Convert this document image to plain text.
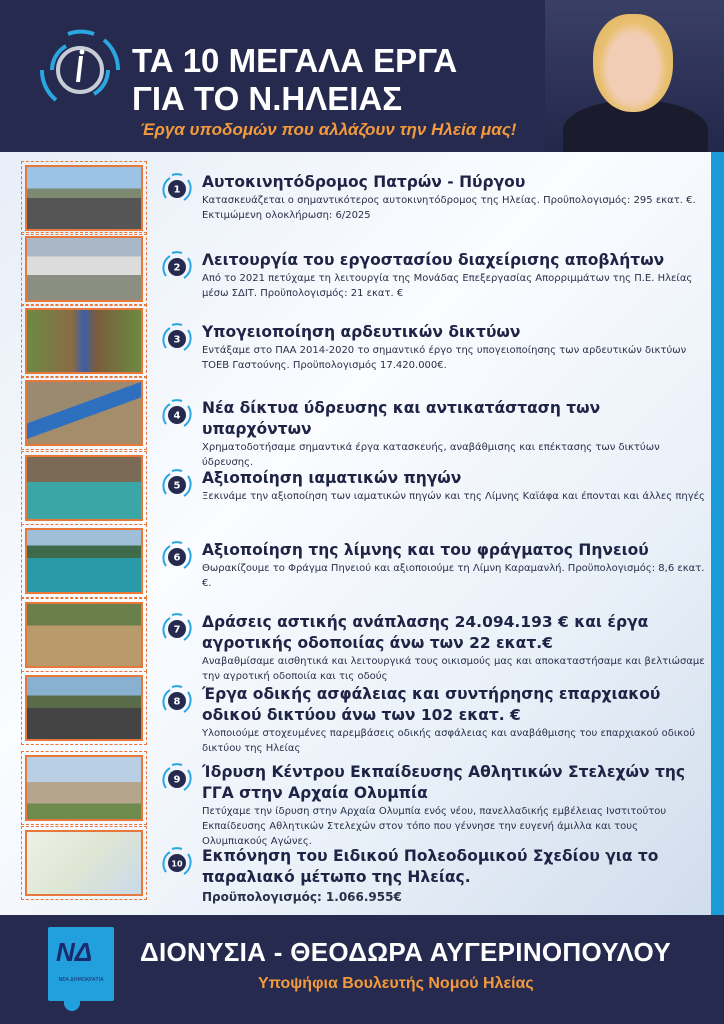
ΤΑ 10 ΜΕΓΑΛΑ ΕΡΓΑ
ΓΙΑ ΤΟ Ν.ΗΛΕΙΑΣ
Έργα υποδομών που αλλάζουν την Ηλεία μας!
1 Αυτοκινητόδρομος Πατρών - Πύργου
Κατασκευάζεται ο σημαντικότερος αυτοκινητόδρομος της Ηλείας. Προϋπολογισμός: 295 εκατ. €. Εκτιμώμενη ολοκλήρωση: 6/2025
2 Λειτουργία του εργοστασίου διαχείρισης αποβλήτων
Από το 2021 πετύχαμε τη λειτουργία της Μονάδας Επεξεργασίας Απορριμμάτων της Π.Ε. Ηλείας μέσω ΣΔΙΤ. Προϋπολογισμός: 21 εκατ. €
3 Υπογειοποίηση αρδευτικών δικτύων
Εντάξαμε στο ΠΑΑ 2014-2020 το σημαντικό έργο της υπογειοποίησης των αρδευτικών δικτύων ΤΟΕΒ Γαστούνης. Προϋπολογισμός 17.420.000€.
4 Νέα δίκτυα ύδρευσης και αντικατάσταση των υπαρχόντων
Χρηματοδοτήσαμε σημαντικά έργα κατασκευής, αναβάθμισης και επέκτασης των δικτύων ύδρευσης.
5 Αξιοποίηση ιαματικών πηγών
Ξεκινάμε την αξιοποίηση των ιαματικών πηγών και της Λίμνης Καϊάφα και έπονται και άλλες πηγές
6 Αξιοποίηση της λίμνης και του φράγματος Πηνειού
Θωρακίζουμε το Φράγμα Πηνειού και αξιοποιούμε τη Λίμνη Καραμανλή. Προϋπολογισμός: 8,6 εκατ.€.
7 Δράσεις αστικής ανάπλασης 24.094.193 € και έργα αγροτικής οδοποιίας άνω των 22 εκατ.€
Αναβαθμίσαμε αισθητικά και λειτουργικά τους οικισμούς μας και αποκαταστήσαμε και βελτιώσαμε την αγροτική οδοποιία και τις οδούς
8 Έργα οδικής ασφάλειας και συντήρησης επαρχιακού οδικού δικτύου άνω των 102 εκατ. €
Υλοποιούμε στοχευμένες παρεμβάσεις οδικής ασφάλειας και αναβάθμισης του επαρχιακού οδικού δικτύου της Ηλείας
9 Ίδρυση Κέντρου Εκπαίδευσης Αθλητικών Στελεχών της ΓΓΑ στην Αρχαία Ολυμπία
Πετύχαμε την ίδρυση στην Αρχαία Ολυμπία ενός νέου, πανελλαδικής εμβέλειας Ινστιτούτου Εκπαίδευσης Αθλητικών Στελεχών στον τόπο που γέννησε την ευγενή άμιλλα και τους Ολυμπιακούς Αγώνες.
10 Εκπόνηση του Ειδικού Πολεοδομικού Σχεδίου για το παραλιακό μέτωπο της Ηλείας.
Προϋπολογισμός: 1.066.955€
ΝΔ
ΝΕΑ ΔΗΜΟΚΡΑΤΙΑ
ΔΙΟΝΥΣΙΑ - ΘΕΟΔΩΡΑ ΑΥΓΕΡΙΝΟΠΟΥΛΟΥ
Υποψήφια Βουλευτής Νομού Ηλείας
